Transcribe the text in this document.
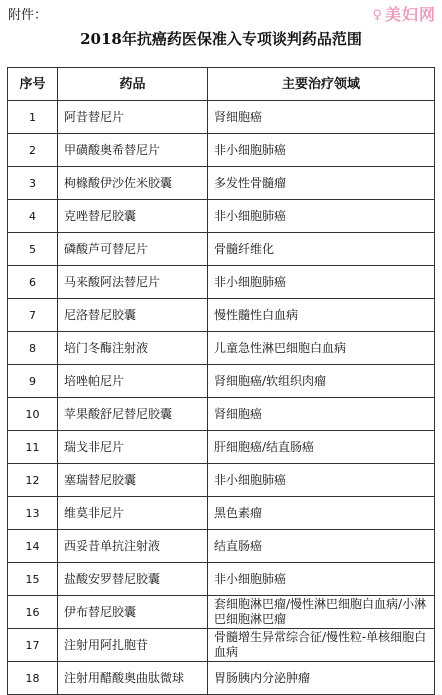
附件：	♀ 美妇网
2018年抗癌药医保准入专项谈判药品范围
序号	药品	主要治疗领域
1	阿昔替尼片	肾细胞癌
2	甲磺酸奥希替尼片	非小细胞肺癌
3	枸橼酸伊沙佐米胶囊	多发性骨髓瘤
4	克唑替尼胶囊	非小细胞肺癌
5	磷酸芦可替尼片	骨髓纤维化
6	马来酸阿法替尼片	非小细胞肺癌
7	尼洛替尼胶囊	慢性髓性白血病
8	培门冬酶注射液	儿童急性淋巴细胞白血病
9	培唑帕尼片	肾细胞癌/软组织肉瘤
10	苹果酸舒尼替尼胶囊	肾细胞癌
11	瑞戈非尼片	肝细胞癌/结直肠癌
12	塞瑞替尼胶囊	非小细胞肺癌
13	维莫非尼片	黑色素瘤
14	西妥昔单抗注射液	结直肠癌
15	盐酸安罗替尼胶囊	非小细胞肺癌
16	伊布替尼胶囊	套细胞淋巴瘤/慢性淋巴细胞白血病/小淋巴细胞淋巴瘤
17	注射用阿扎胞苷	骨髓增生异常综合征/慢性粒-单核细胞白血病
18	注射用醋酸奥曲肽微球	胃肠胰内分泌肿瘤
